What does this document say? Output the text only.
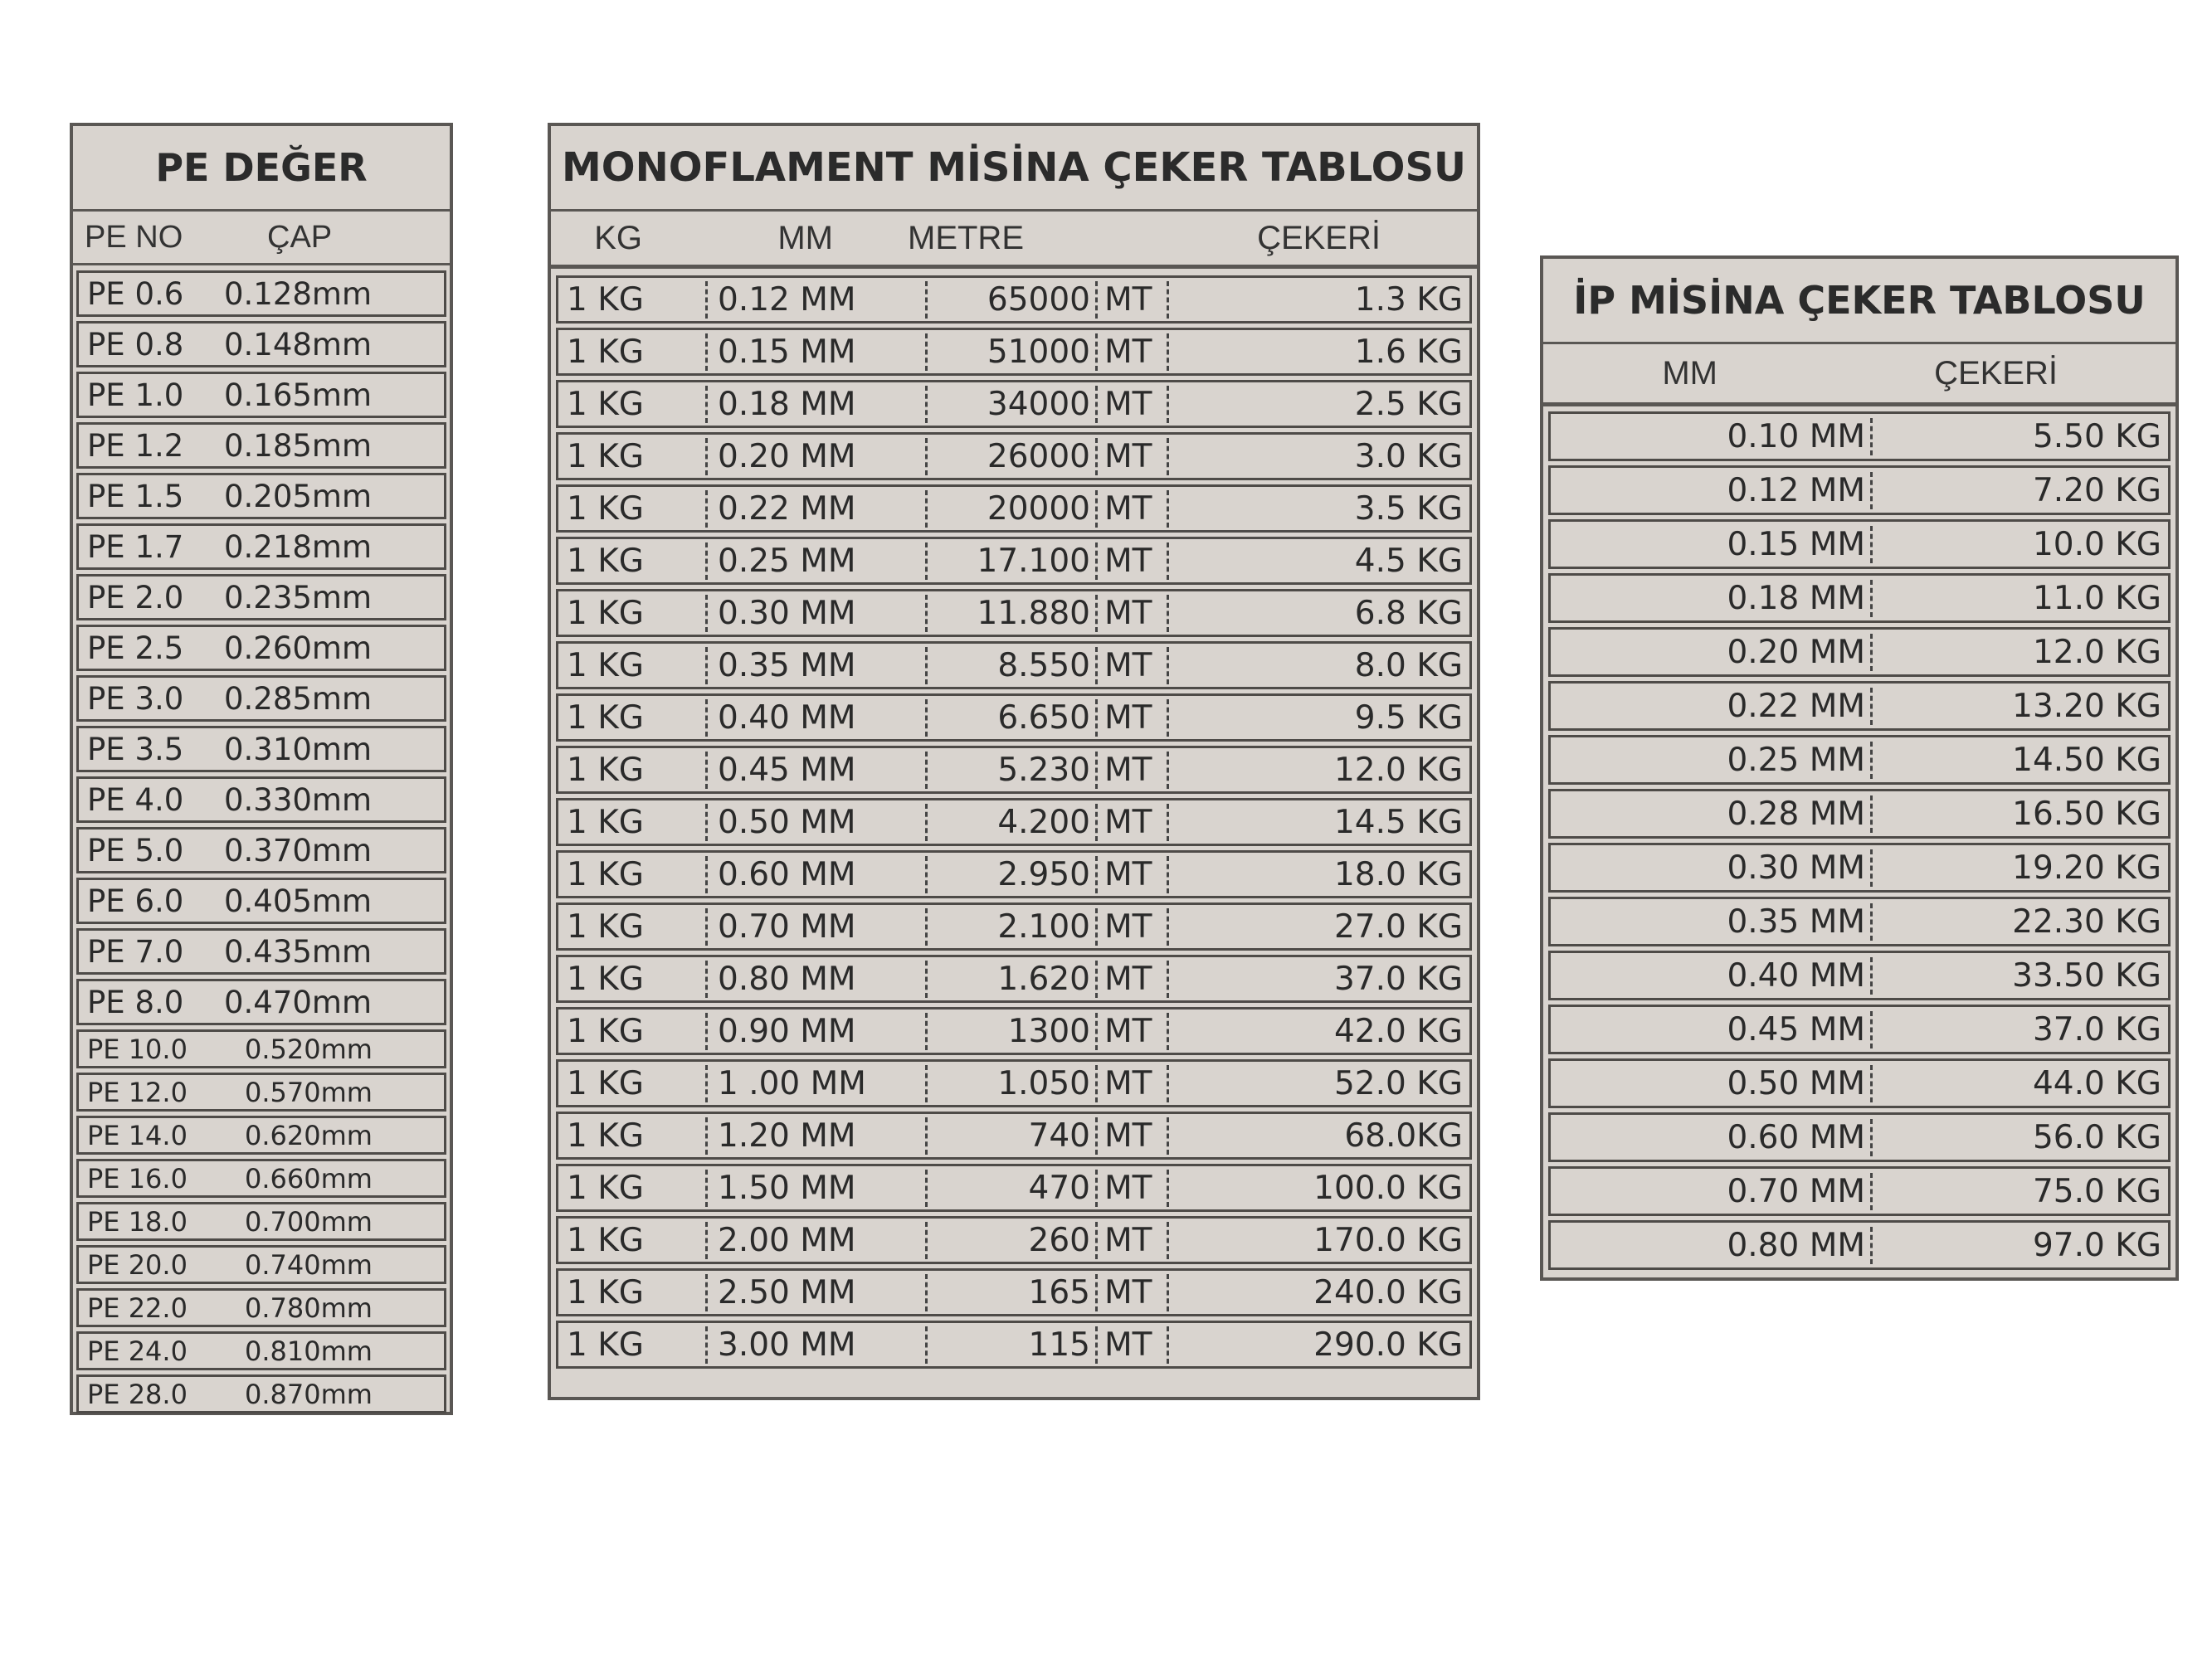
PE DEĞER
PE NO	ÇAP
PE 0.6	0.128mm
PE 0.8	0.148mm
PE 1.0	0.165mm
PE 1.2	0.185mm
PE 1.5	0.205mm
PE 1.7	0.218mm
PE 2.0	0.235mm
PE 2.5	0.260mm
PE 3.0	0.285mm
PE 3.5	0.310mm
PE 4.0	0.330mm
PE 5.0	0.370mm
PE 6.0	0.405mm
PE 7.0	0.435mm
PE 8.0	0.470mm
PE 10.0	0.520mm
PE 12.0	0.570mm
PE 14.0	0.620mm
PE 16.0	0.660mm
PE 18.0	0.700mm
PE 20.0	0.740mm
PE 22.0	0.780mm
PE 24.0	0.810mm
PE 28.0	0.870mm
MONOFLAMENT MİSİNA ÇEKER TABLOSU
KG	MM	METRE	ÇEKERİ
1 KG	0.12 MM	65000 MT	1.3 KG
1 KG	0.15 MM	51000 MT	1.6 KG
1 KG	0.18 MM	34000 MT	2.5 KG
1 KG	0.20 MM	26000 MT	3.0 KG
1 KG	0.22 MM	20000 MT	3.5 KG
1 KG	0.25 MM	17.100 MT	4.5 KG
1 KG	0.30 MM	11.880 MT	6.8 KG
1 KG	0.35 MM	8.550 MT	8.0 KG
1 KG	0.40 MM	6.650 MT	9.5 KG
1 KG	0.45 MM	5.230 MT	12.0 KG
1 KG	0.50 MM	4.200 MT	14.5 KG
1 KG	0.60 MM	2.950 MT	18.0 KG
1 KG	0.70 MM	2.100 MT	27.0 KG
1 KG	0.80 MM	1.620 MT	37.0 KG
1 KG	0.90 MM	1300 MT	42.0 KG
1 KG	1 .00 MM	1.050 MT	52.0 KG
1 KG	1.20 MM	740 MT	68.0KG
1 KG	1.50 MM	470 MT	100.0 KG
1 KG	2.00 MM	260 MT	170.0 KG
1 KG	2.50 MM	165 MT	240.0 KG
1 KG	3.00 MM	115 MT	290.0 KG
İP MİSİNA ÇEKER TABLOSU
MM	ÇEKERİ
0.10 MM	5.50 KG
0.12 MM	7.20 KG
0.15 MM	10.0 KG
0.18 MM	11.0 KG
0.20 MM	12.0 KG
0.22 MM	13.20 KG
0.25 MM	14.50 KG
0.28 MM	16.50 KG
0.30 MM	19.20 KG
0.35 MM	22.30 KG
0.40 MM	33.50 KG
0.45 MM	37.0 KG
0.50 MM	44.0 KG
0.60 MM	56.0 KG
0.70 MM	75.0 KG
0.80 MM	97.0 KG
